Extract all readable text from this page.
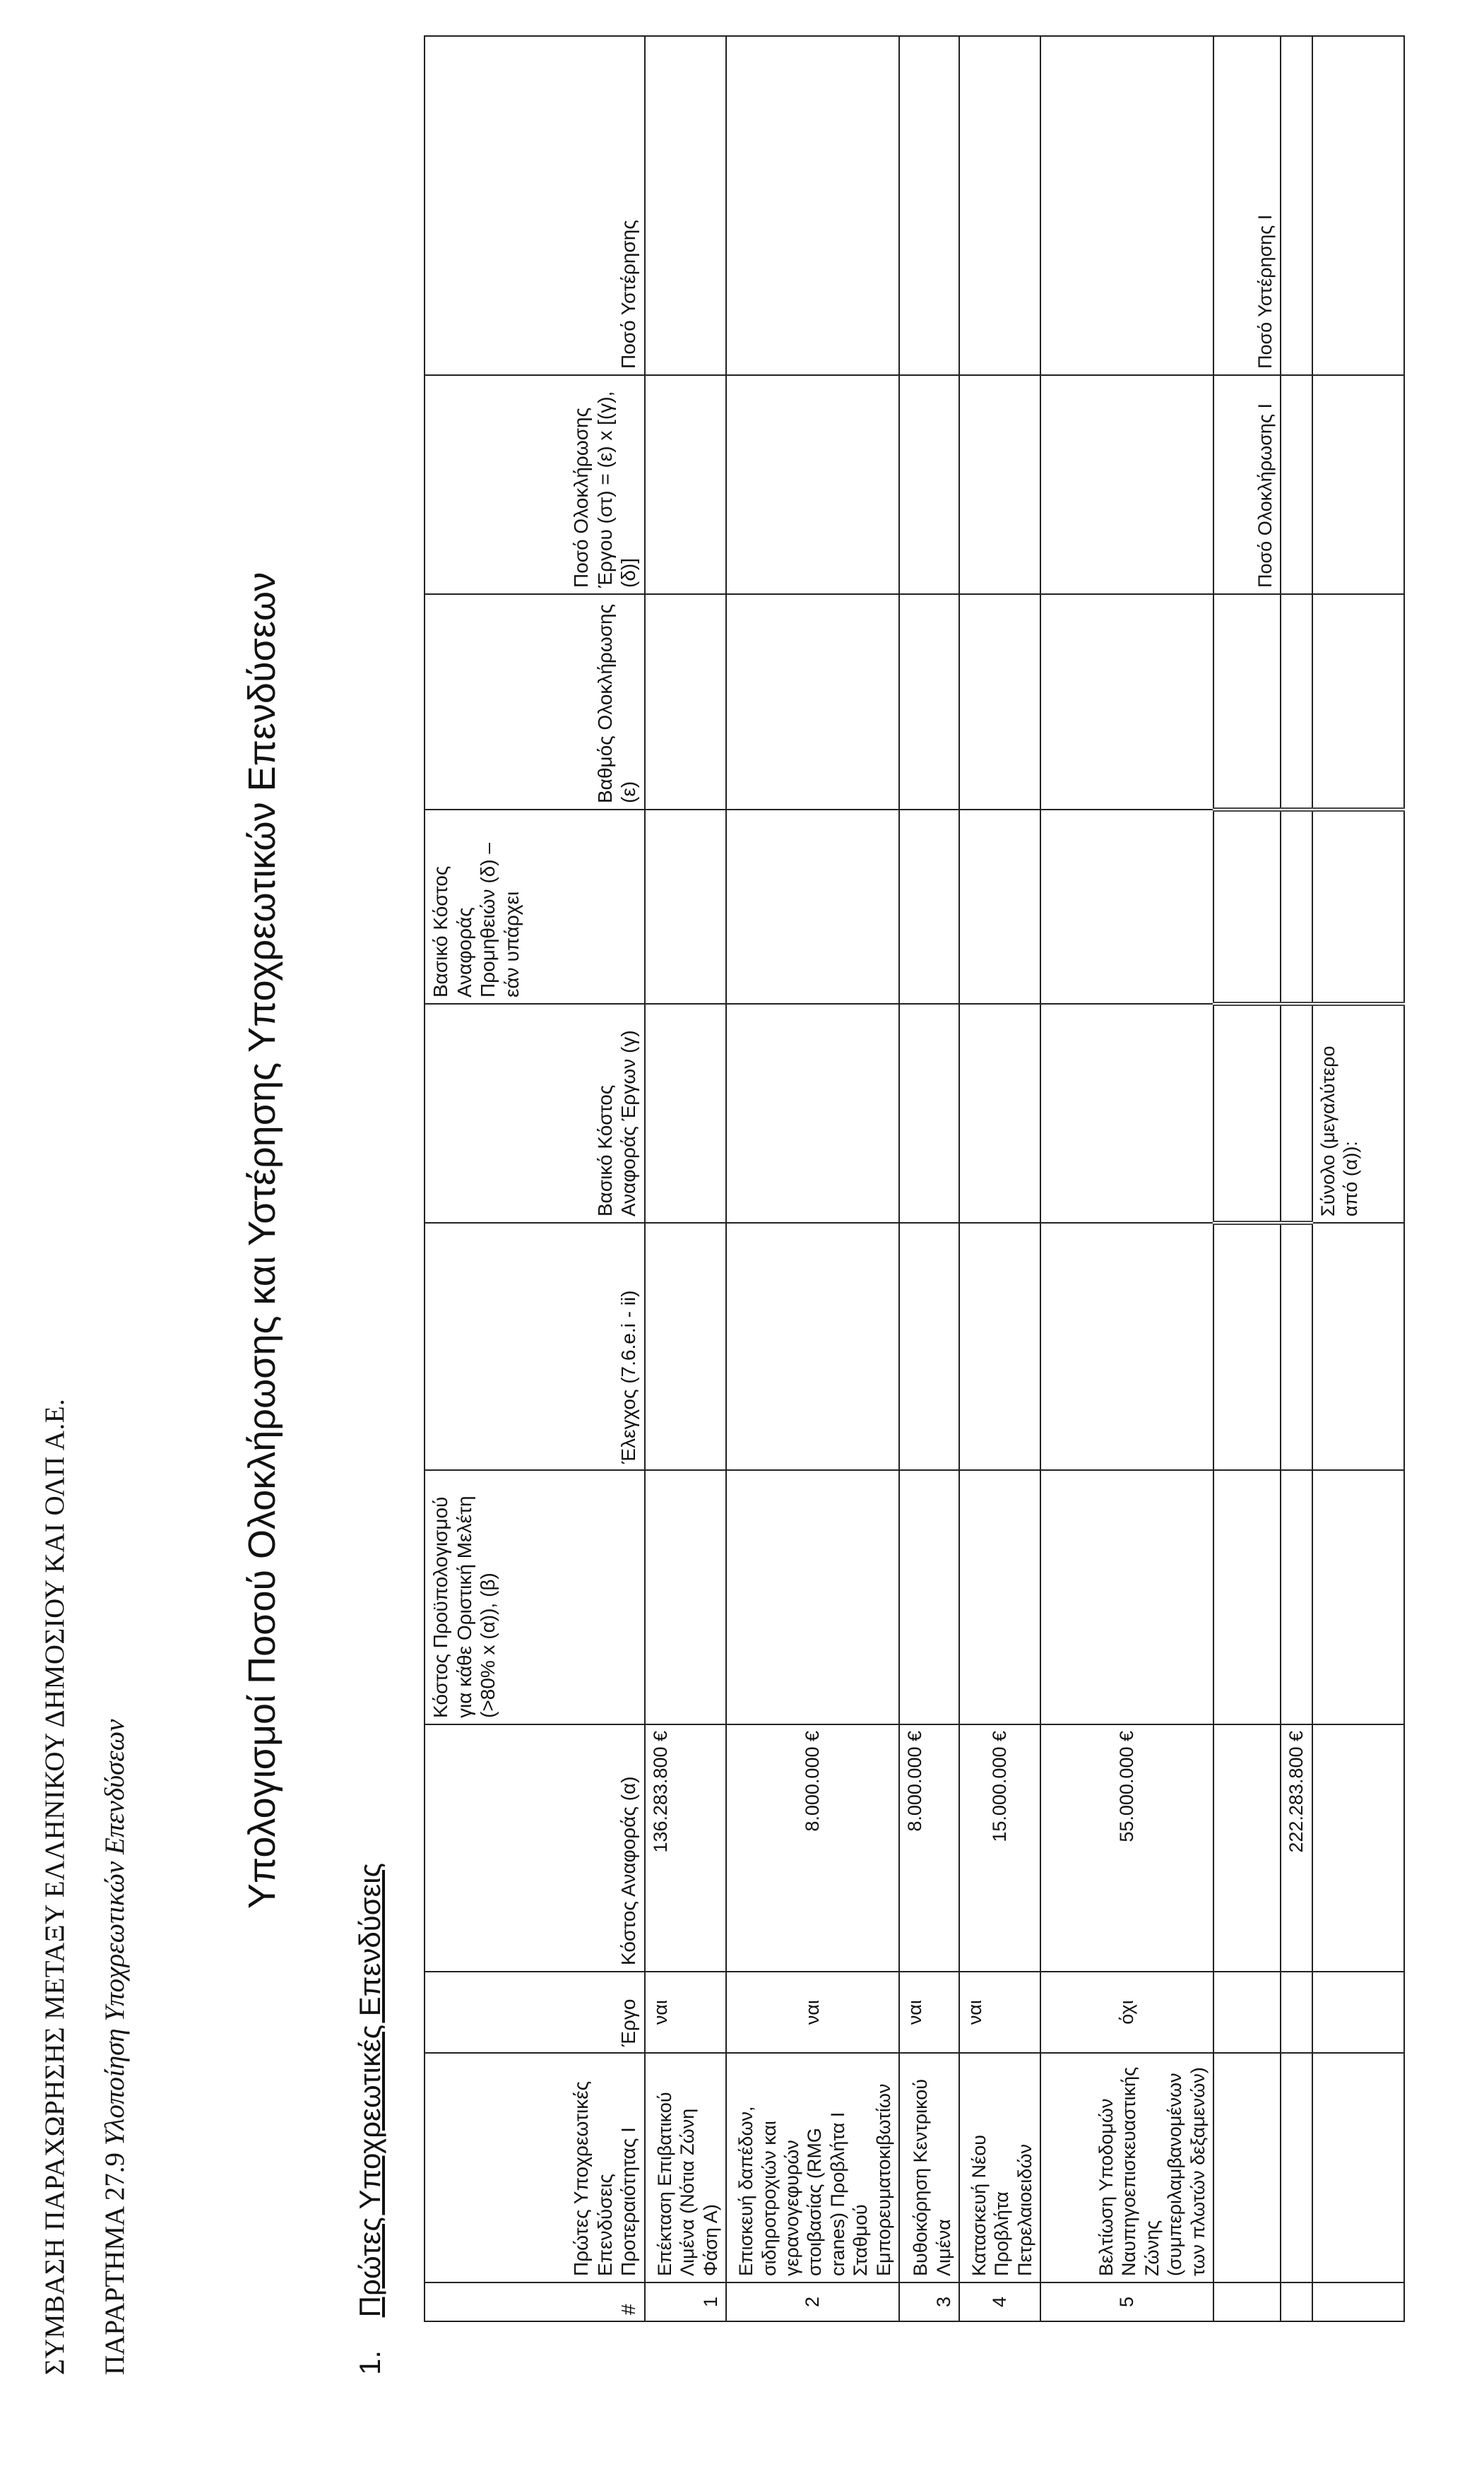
ΣΥΜΒΑΣΗ ΠΑΡΑΧΩΡΗΣΗΣ ΜΕΤΑΞΥ ΕΛΛΗΝΙΚΟΥ ΔΗΜΟΣΙΟΥ ΚΑΙ ΟΛΠ Α.Ε. ΠΑΡΑΡΤΗΜΑ 27.9 Υλοποίηση Υποχρεωτικών Επενδύσεων
Υπολογισμοί Ποσού Ολοκλήρωσης και Υστέρησης Υποχρεωτικών Επενδύσεων
1. Πρώτες Υποχρεωτικές Επενδύσεις	#	Πρώτες Υποχρεωτικές Επενδύσεις Προτεραιότητας Ι	Έργο	Κόστος Αναφοράς (α)	Κόστος Προϋπολογισμού για κάθε Οριστική Μελέτη (>80% x (α)), (β)	Έλεγχος (7.6.e.i - ii)	Βασικό Κόστος Αναφοράς Έργων (γ)	Βασικό Κόστος Αναφοράς Προμηθειών (δ) – εάν υπάρχει	Βαθμός Ολοκλήρωσης (ε)	Ποσό Ολοκλήρωσης Έργου (στ) = (ε) x [(γ),(δ)]	Ποσό Υστέρησης
1	Επέκταση Επιβατικού Λιμένα (Νότια Ζώνη Φάση Α)	ναι	136.283.800 €							
2	Επισκευή δαπέδων, σιδηροτροχιών και γερανογεφυρών στοιβασίας (RMG cranes) Προβλήτα Ι Σταθμού Εμπορευματοκιβωτίων	ναι	8.000.000 €							
3	Βυθοκόρηση Κεντρικού Λιμένα	ναι	8.000.000 €							
4	Κατασκευή Νέου Προβλήτα Πετρελαιοειδών	ναι	15.000.000 €							
5	Βελτίωση Υποδομών Ναυπηγοεπισκευαστικής Ζώνης (συμπεριλαμβανομένων των πλωτών δεξαμενών)	όχι	55.000.000 €							
									Ποσό Ολοκλήρωσης Ι	Ποσό Υστέρησης Ι
			222.283.800 €							
						Σύνολο (μεγαλύτερο από (α)):				
